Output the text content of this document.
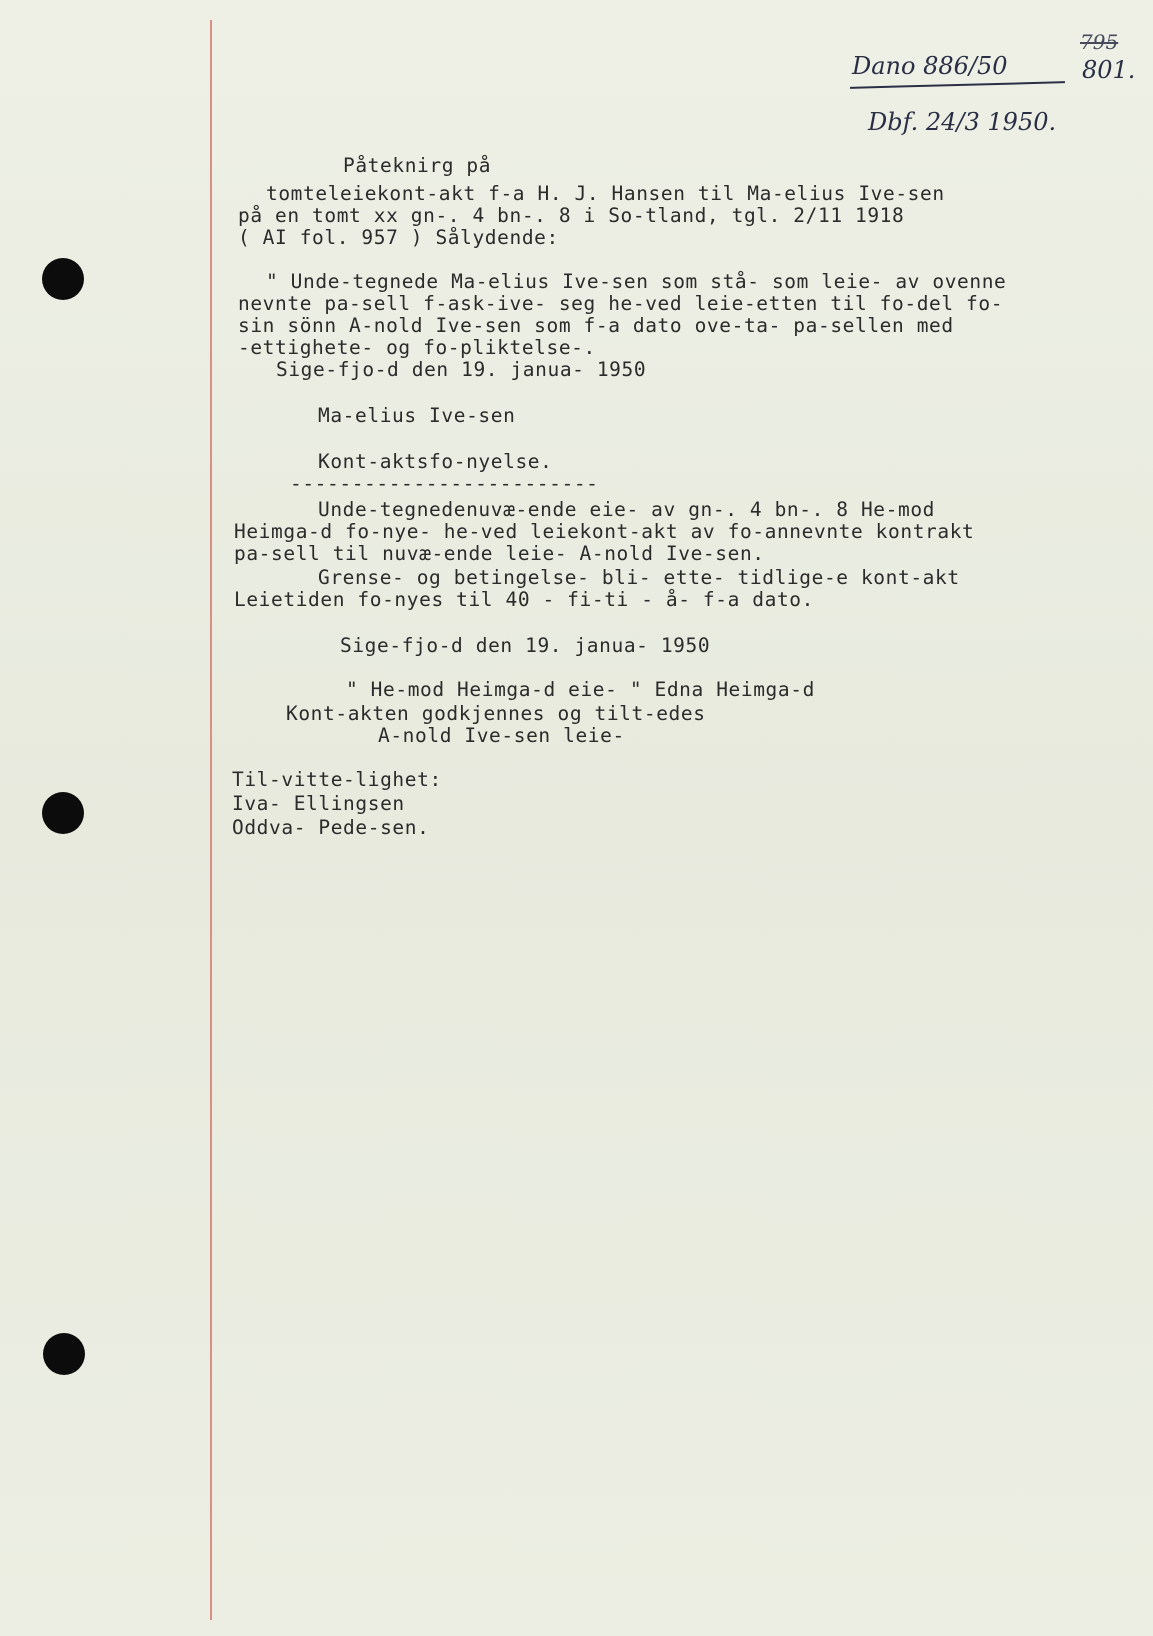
Dano 886/50
795
801.
Dbf. 24/3 1950.
Påteknirg på
tomteleiekont-akt f-a H. J. Hansen til Ma-elius Ive-sen
på en tomt xx gn-. 4 bn-. 8 i So-tland, tgl. 2/11 1918
( AI fol. 957 ) Sålydende:
" Unde-tegnede Ma-elius Ive-sen som stå- som leie- av ovenne
nevnte pa-sell f-ask-ive- seg he-ved leie-etten til fo-del fo-
sin sönn A-nold Ive-sen som f-a dato ove-ta- pa-sellen med
-ettighete- og fo-pliktelse-.
Sige-fjo-d den 19. janua- 1950
Ma-elius Ive-sen
Kont-aktsfo-nyelse.
-------------------------
Unde-tegnedenuvæ-ende eie- av gn-. 4 bn-. 8 He-mod
Heimga-d fo-nye- he-ved leiekont-akt av fo-annevnte kontrakt
pa-sell til nuvæ-ende leie- A-nold Ive-sen.
Grense- og betingelse- bli- ette- tidlige-e kont-akt
Leietiden fo-nyes til 40 - fi-ti - å- f-a dato.
Sige-fjo-d den 19. janua- 1950
" He-mod Heimga-d eie- " Edna Heimga-d
Kont-akten godkjennes og tilt-edes
A-nold Ive-sen leie-
Til-vitte-lighet:
Iva- Ellingsen
Oddva- Pede-sen.
